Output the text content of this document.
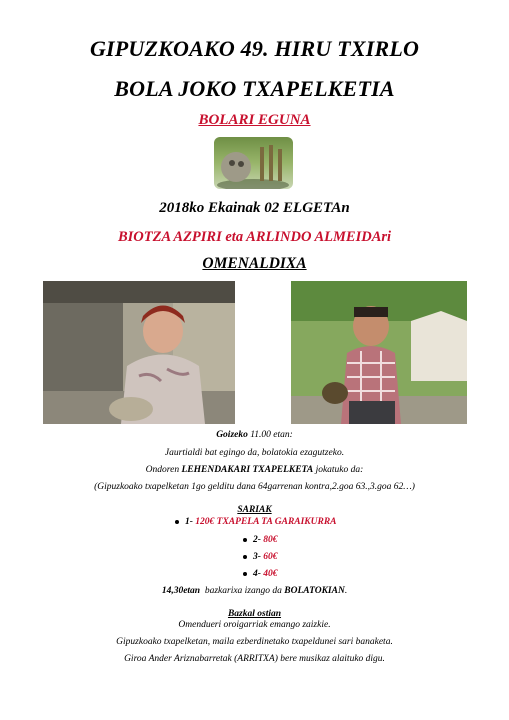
GIPUZKOAKO 49. HIRU TXIRLO
BOLA JOKO TXAPELKETIA
BOLARI EGUNA
2018ko Ekainak 02 ELGETAn
BIOTZA AZPIRI eta ARLINDO ALMEIDAri
OMENALDIXA
Goizeko 11.00 etan:
Jaurtialdi bat egingo da, bolatokia ezagutzeko.
Ondoren LEHENDAKARI TXAPELKETA jokatuko da:
(Gipuzkoako txapelketan 1go gelditu dana 64garrenan kontra,2.goa 63.,3.goa 62…)
SARIAK
1- 120€ TXAPELA TA GARAIKURRA
2- 80€
3- 60€
4- 40€
14,30etan  bazkarixa izango da BOLATOKIAN.
Bazkal ostian
Omendueri oroigarriak emango zaizkie.
Gipuzkoako txapelketan, maila ezberdinetako txapeldunei sari banaketa.
Giroa Ander Ariznabarretak (ARRITXA) bere musikaz alaituko digu.
